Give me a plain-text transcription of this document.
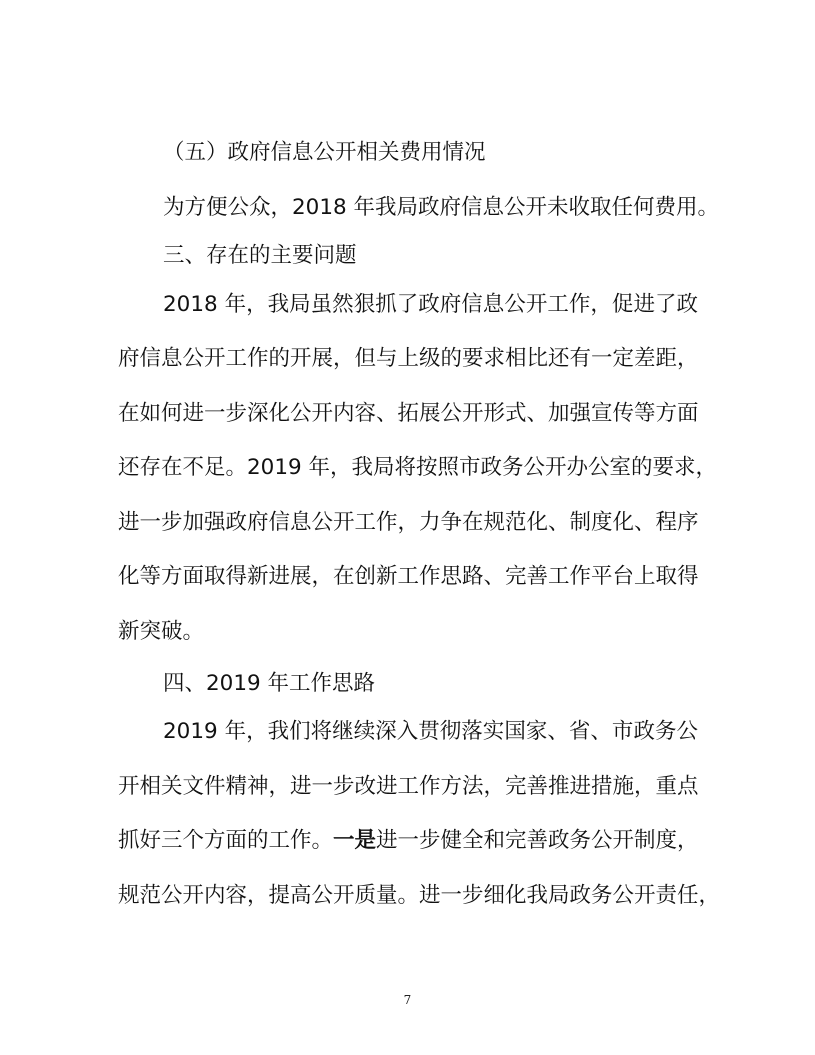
（五）政府信息公开相关费用情况
为方便公众，2018 年我局政府信息公开未收取任何费用。
三、存在的主要问题
2018 年，我局虽然狠抓了政府信息公开工作，促进了政
府信息公开工作的开展，但与上级的要求相比还有一定差距，
在如何进一步深化公开内容、拓展公开形式、加强宣传等方面
还存在不足。2019 年，我局将按照市政务公开办公室的要求，
进一步加强政府信息公开工作，力争在规范化、制度化、程序
化等方面取得新进展，在创新工作思路、完善工作平台上取得
新突破。
四、2019 年工作思路
2019 年，我们将继续深入贯彻落实国家、省、市政务公
开相关文件精神，进一步改进工作方法，完善推进措施，重点
抓好三个方面的工作。一是进一步健全和完善政务公开制度，
规范公开内容，提高公开质量。进一步细化我局政务公开责任，
7
